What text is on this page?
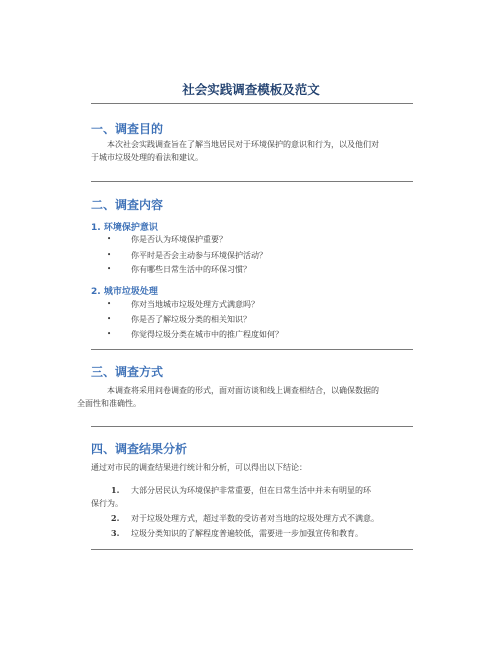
社会实践调查模板及范文
一、调查目的
本次社会实践调查旨在了解当地居民对于环境保护的意识和行为，以及他们对
于城市垃圾处理的看法和建议。
二、调查内容
1. 环境保护意识
• 你是否认为环境保护重要？
• 你平时是否会主动参与环境保护活动？
• 你有哪些日常生活中的环保习惯？
2. 城市垃圾处理
• 你对当地城市垃圾处理方式满意吗？
• 你是否了解垃圾分类的相关知识？
• 你觉得垃圾分类在城市中的推广程度如何？
三、调查方式
本调查将采用问卷调查的形式，面对面访谈和线上调查相结合，以确保数据的
全面性和准确性。
四、调查结果分析
通过对市民的调查结果进行统计和分析，可以得出以下结论：
1. 大部分居民认为环境保护非常重要，但在日常生活中并未有明显的环
保行为。
2. 对于垃圾处理方式，超过半数的受访者对当地的垃圾处理方式不满意。
3. 垃圾分类知识的了解程度普遍较低，需要进一步加强宣传和教育。
